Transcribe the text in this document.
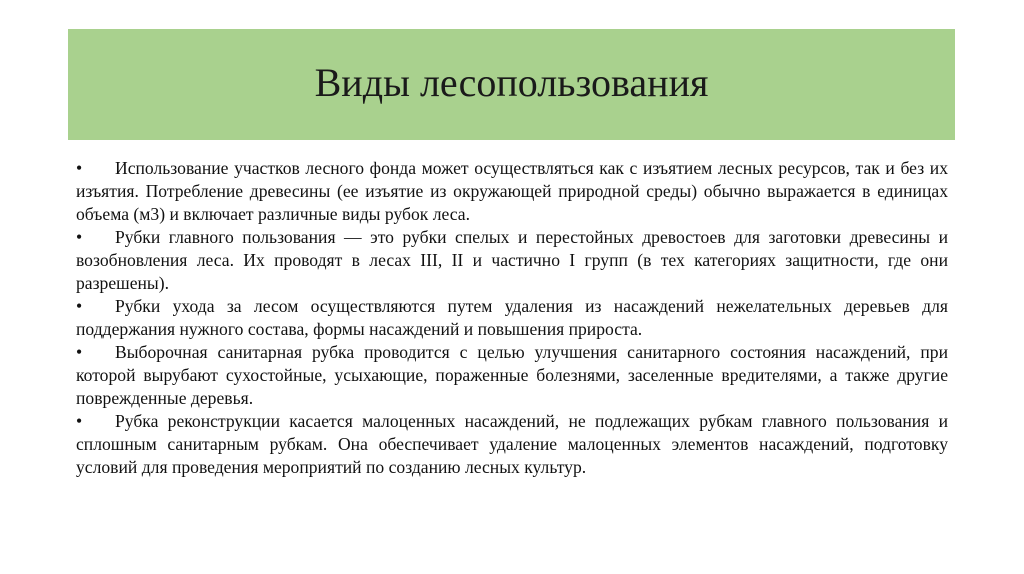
Виды лесопользования

• Использование участков лесного фонда может осуществляться как с изъятием лесных ресурсов, так и без их изъятия. Потребление древесины (ее изъятие из окружающей природной среды) обычно выражается в единицах объема (м3) и включает различные виды рубок леса.

• Рубки главного пользования — это рубки спелых и перестойных древостоев для заготовки древесины и возобновления леса. Их проводят в лесах III, II и частично I групп (в тех категориях защитности, где они разрешены).

• Рубки ухода за лесом осуществляются путем удаления из насаждений нежелательных деревьев для поддержания нужного состава, формы насаждений и повышения прироста.

• Выборочная санитарная рубка проводится с целью улучшения санитарного состояния насаждений, при которой вырубают сухостойные, усыхающие, пораженные болезнями, заселенные вредителями, а также другие поврежденные деревья.

• Рубка реконструкции касается малоценных насаждений, не подлежащих рубкам главного пользования и сплошным санитарным рубкам. Она обеспечивает удаление малоценных элементов насаждений, подготовку условий для проведения мероприятий по созданию лесных культур.
